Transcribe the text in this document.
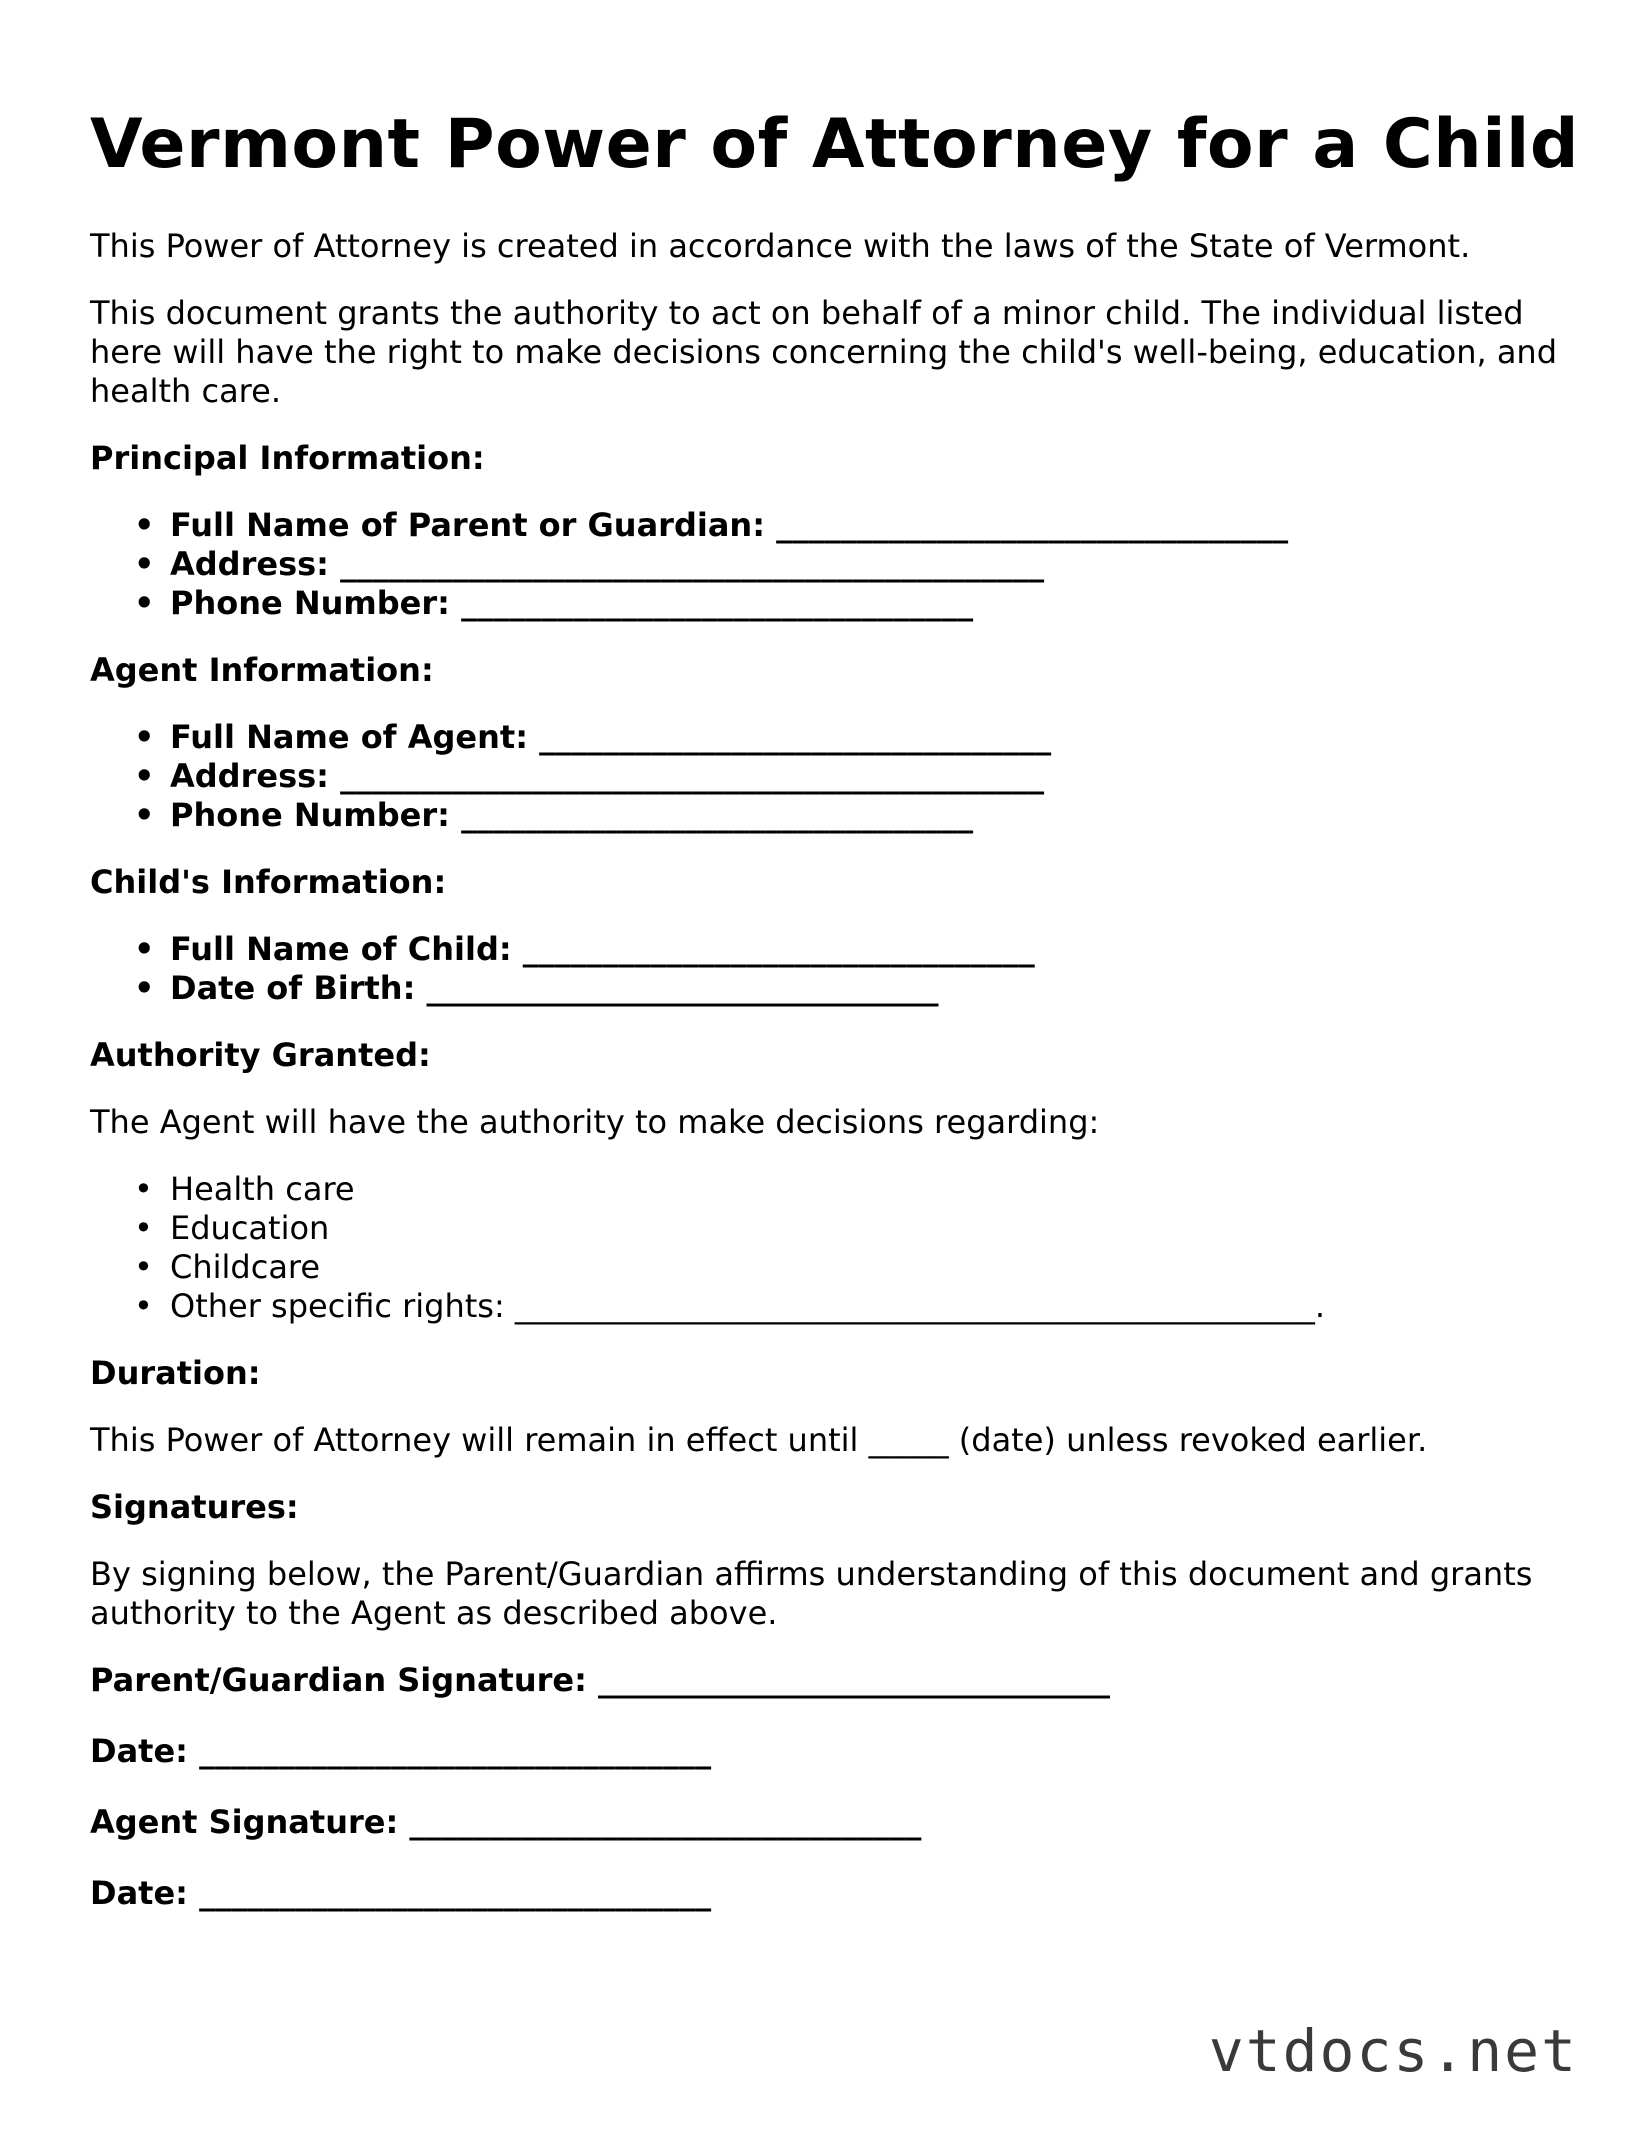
Vermont Power of Attorney for a Child

This Power of Attorney is created in accordance with the laws of the State of Vermont.

This document grants the authority to act on behalf of a minor child. The individual listed here will have the right to make decisions concerning the child's well-being, education, and health care.

Principal Information:

• Full Name of Parent or Guardian: ________________________________
• Address: ____________________________________________
• Phone Number: ________________________________

Agent Information:

• Full Name of Agent: ________________________________
• Address: ____________________________________________
• Phone Number: ________________________________

Child's Information:

• Full Name of Child: ________________________________
• Date of Birth: ________________________________

Authority Granted:

The Agent will have the authority to make decisions regarding:

• Health care
• Education
• Childcare
• Other specific rights: __________________________________________________.

Duration:

This Power of Attorney will remain in effect until _____ (date) unless revoked earlier.

Signatures:

By signing below, the Parent/Guardian affirms understanding of this document and grants authority to the Agent as described above.

Parent/Guardian Signature: ________________________________
Date: ________________________________
Agent Signature: ________________________________
Date: ________________________________
vtdocs.net
